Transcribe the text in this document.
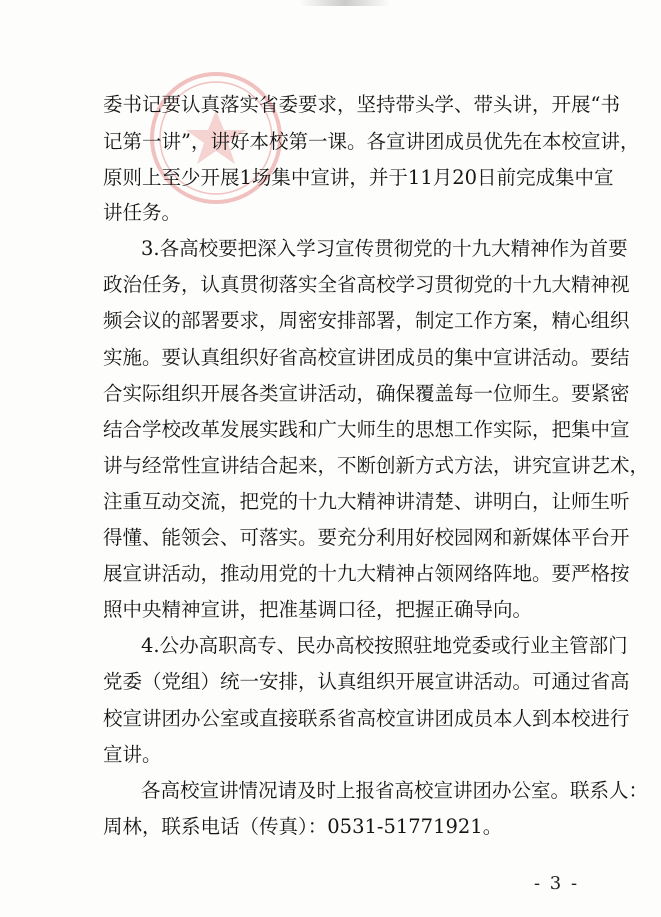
委书记要认真落实省委要求，坚持带头学、带头讲，开展“书
记第一讲”，讲好本校第一课。各宣讲团成员优先在本校宣讲，
原则上至少开展1场集中宣讲，并于11月20日前完成集中宣
讲任务。
3.各高校要把深入学习宣传贯彻党的十九大精神作为首要
政治任务，认真贯彻落实全省高校学习贯彻党的十九大精神视
频会议的部署要求，周密安排部署，制定工作方案，精心组织
实施。要认真组织好省高校宣讲团成员的集中宣讲活动。要结
合实际组织开展各类宣讲活动，确保覆盖每一位师生。要紧密
结合学校改革发展实践和广大师生的思想工作实际，把集中宣
讲与经常性宣讲结合起来，不断创新方式方法，讲究宣讲艺术，
注重互动交流，把党的十九大精神讲清楚、讲明白，让师生听
得懂、能领会、可落实。要充分利用好校园网和新媒体平台开
展宣讲活动，推动用党的十九大精神占领网络阵地。要严格按
照中央精神宣讲，把准基调口径，把握正确导向。
4.公办高职高专、民办高校按照驻地党委或行业主管部门
党委（党组）统一安排，认真组织开展宣讲活动。可通过省高
校宣讲团办公室或直接联系省高校宣讲团成员本人到本校进行
宣讲。
各高校宣讲情况请及时上报省高校宣讲团办公室。联系人：
周林，联系电话（传真）：0531-51771921。
- 3 -
